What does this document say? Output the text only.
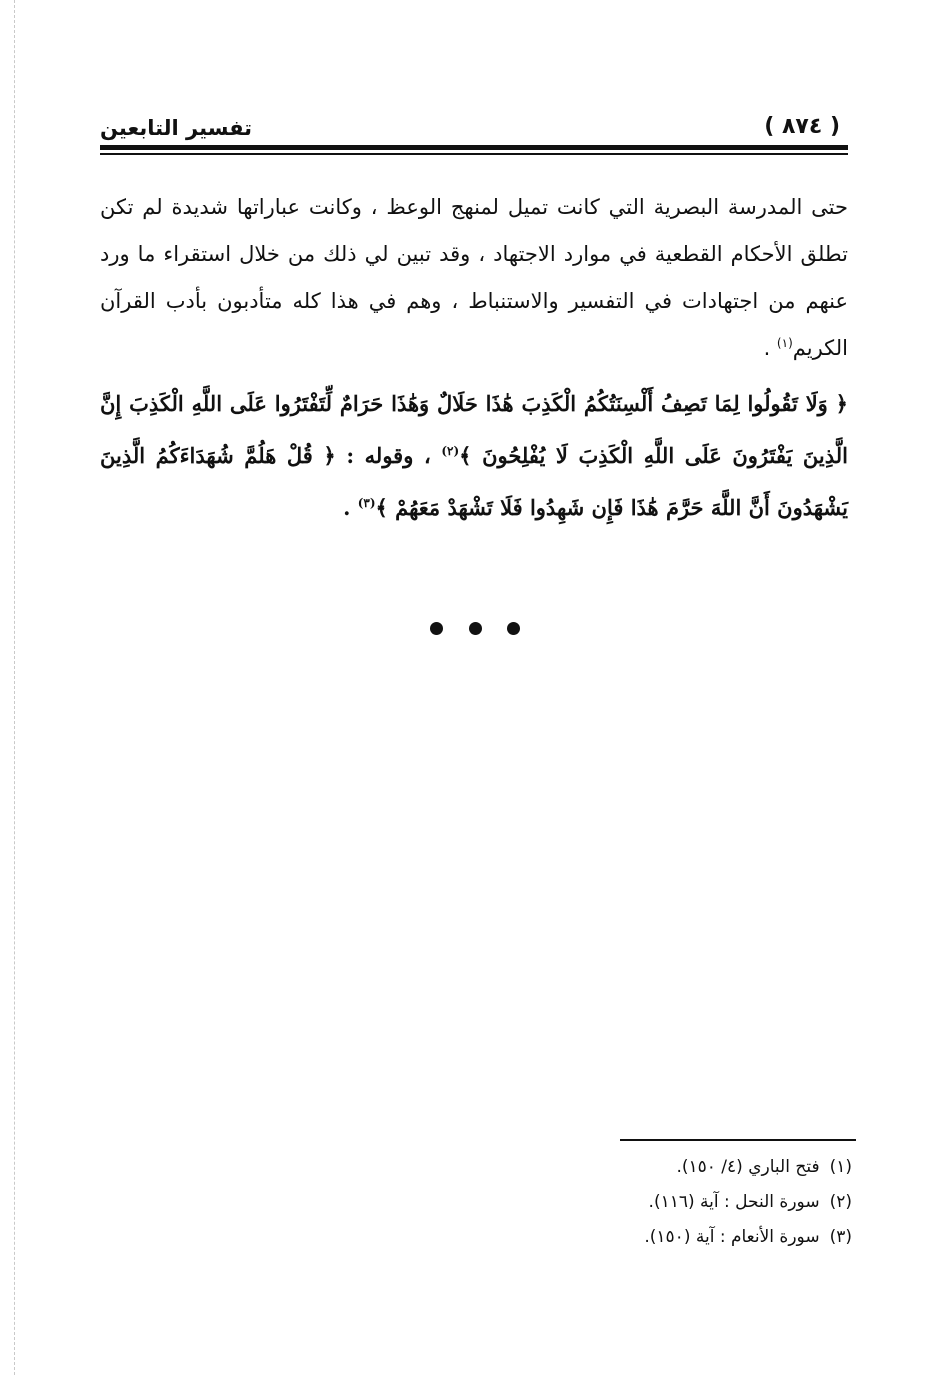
تفسير التابعين	( ٨٧٤ )

حتى المدرسة البصرية التي كانت تميل لمنهج الوعظ ، وكانت عباراتها شديدة لم تكن تطلق الأحكام القطعية في موارد الاجتهاد ، وقد تبين لي ذلك من خلال استقراء ما ورد عنهم من اجتهادات في التفسير والاستنباط ، وهم في هذا كله متأدبون بأدب القرآن الكريم$^{(١)}$ .

﴿ وَلَا تَقُولُوا لِمَا تَصِفُ أَلْسِنَتُكُمُ الْكَذِبَ هَٰذَا حَلَالٌ وَهَٰذَا حَرَامٌ لِّتَفْتَرُوا عَلَى اللَّهِ الْكَذِبَ إِنَّ الَّذِينَ يَفْتَرُونَ عَلَى اللَّهِ الْكَذِبَ لَا يُفْلِحُونَ ﴾$^{(٢)}$ ، وقوله : ﴿ قُلْ هَلُمَّ شُهَدَاءَكُمُ الَّذِينَ يَشْهَدُونَ أَنَّ اللَّهَ حَرَّمَ هَٰذَا فَإِن شَهِدُوا فَلَا تَشْهَدْ مَعَهُمْ ﴾$^{(٣)}$ .

(١)فتح الباري (٤/ ١٥٠).
(٢)سورة النحل : آية (١١٦).
(٣)سورة الأنعام : آية (١٥٠).
